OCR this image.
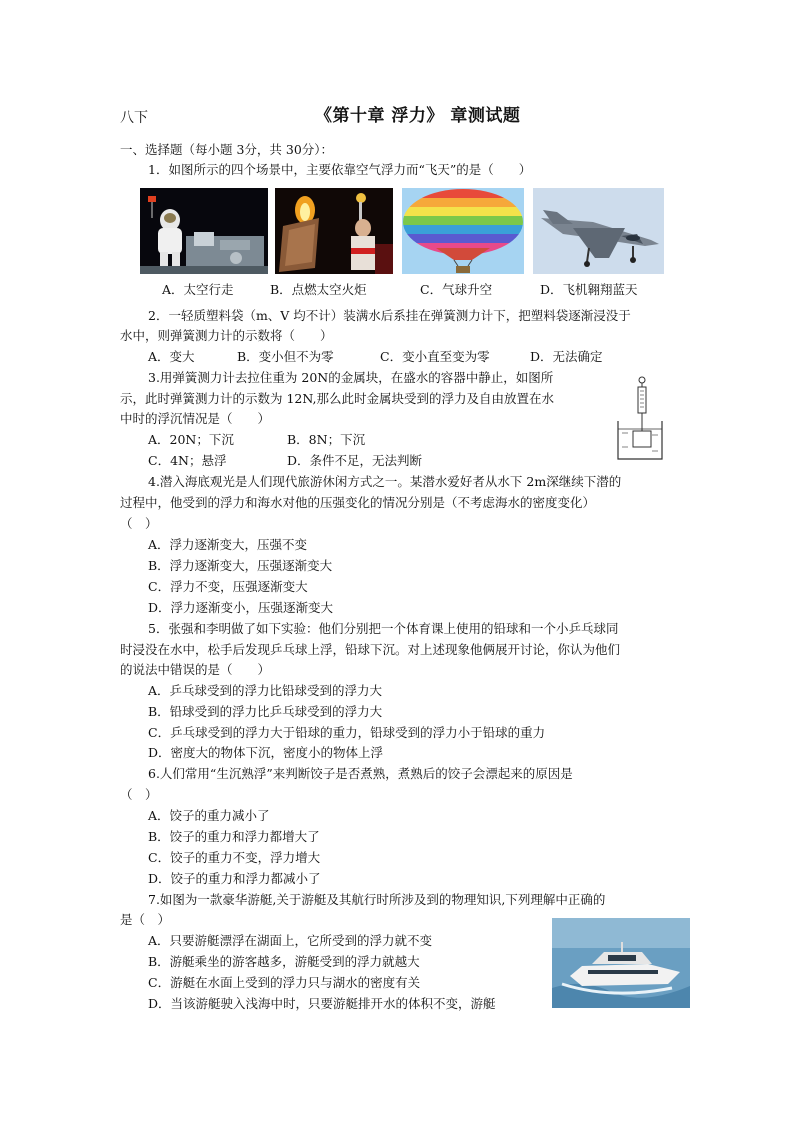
八下	《第十章 浮力》 章测试题
一、选择题（每小题 3分，共 30分）：
1．如图所示的四个场景中，主要依靠空气浮力而“飞天”的是（　　）
A．太空行走	B．点燃太空火炬	C．气球升空	D．飞机翱翔蓝天
2．一轻质塑料袋（m、V 均不计）装满水后系挂在弹簧测力计下，把塑料袋逐渐浸没于
水中，则弹簧测力计的示数将（　　）
A．变大	B．变小但不为零	C．变小直至变为零	D．无法确定
3.用弹簧测力计去拉住重为 20N的金属块，在盛水的容器中静止，如图所
示，此时弹簧测力计的示数为 12N,那么此时金属块受到的浮力及自由放置在水
中时的浮沉情况是（　　）
A．20N；下沉	B．8N；下沉
C．4N；悬浮	D．条件不足，无法判断
4.潜入海底观光是人们现代旅游休闲方式之一。某潜水爱好者从水下 2m深继续下潜的
过程中，他受到的浮力和海水对他的压强变化的情况分别是（不考虑海水的密度变化）
（　）
A．浮力逐渐变大，压强不变
B．浮力逐渐变大，压强逐渐变大
C．浮力不变，压强逐渐变大
D．浮力逐渐变小，压强逐渐变大
5．张强和李明做了如下实验：他们分别把一个体育课上使用的铅球和一个小乒乓球同
时浸没在水中，松手后发现乒乓球上浮，铅球下沉。对上述现象他俩展开讨论，你认为他们
的说法中错误的是（　　）
A．乒乓球受到的浮力比铅球受到的浮力大
B．铅球受到的浮力比乒乓球受到的浮力大
C．乒乓球受到的浮力大于铅球的重力，铅球受到的浮力小于铅球的重力
D．密度大的物体下沉，密度小的物体上浮
6.人们常用“生沉熟浮”来判断饺子是否煮熟，煮熟后的饺子会漂起来的原因是
（　）
A．饺子的重力减小了
B．饺子的重力和浮力都增大了
C．饺子的重力不变，浮力增大
D．饺子的重力和浮力都减小了
7.如图为一款豪华游艇,关于游艇及其航行时所涉及到的物理知识,下列理解中正确的
是（　）
A．只要游艇漂浮在湖面上，它所受到的浮力就不变
B．游艇乘坐的游客越多，游艇受到的浮力就越大
C．游艇在水面上受到的浮力只与湖水的密度有关
D．当该游艇驶入浅海中时，只要游艇排开水的体积不变，游艇
